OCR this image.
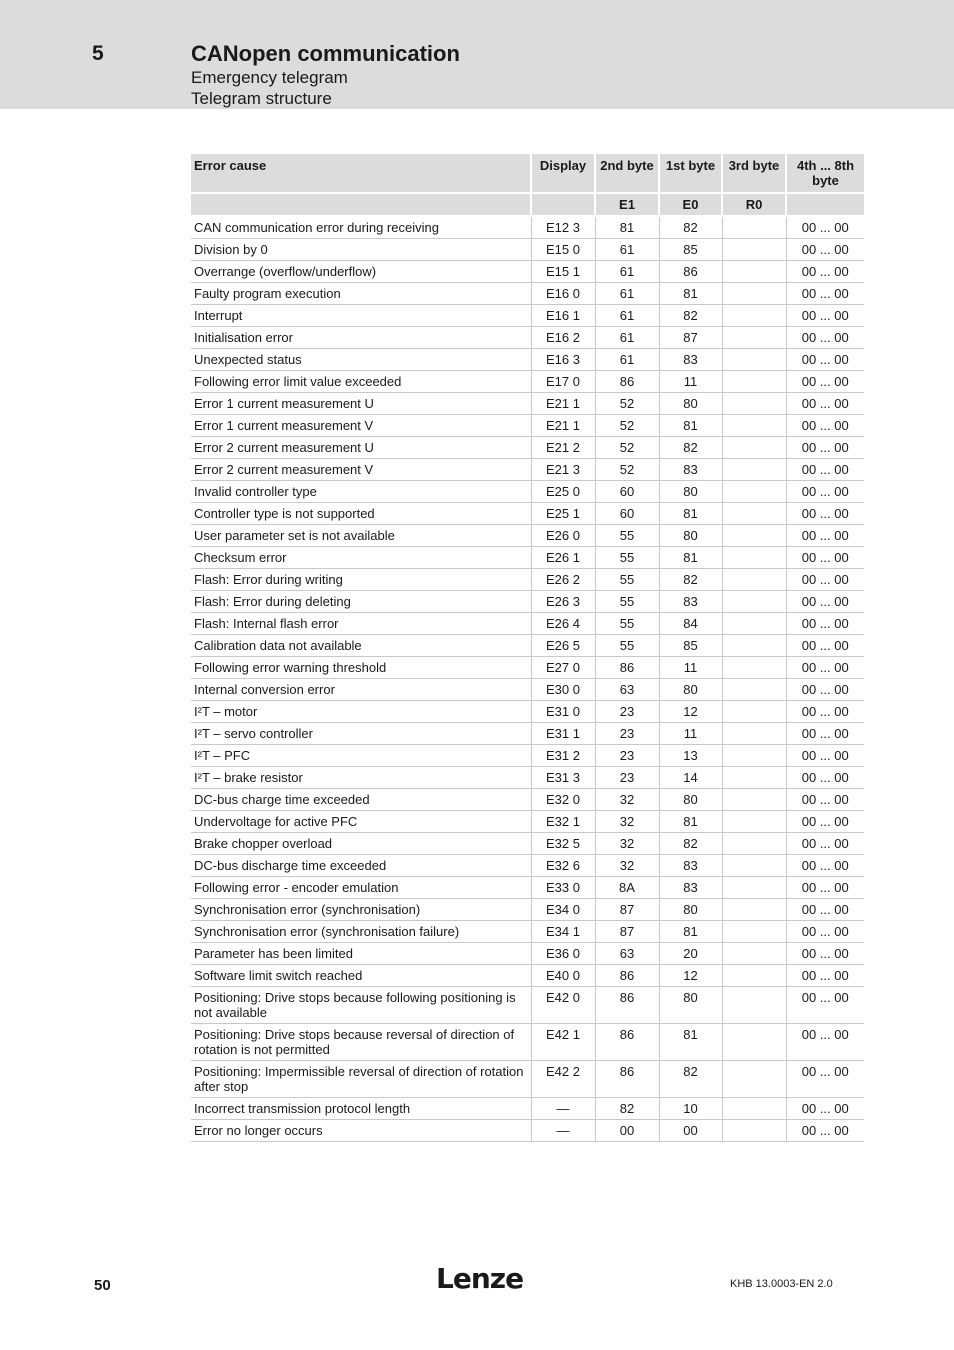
5	CANopen communication
Emergency telegram
Telegram structure
Error cause	Display	2nd byte	1st byte	3rd byte	4th ... 8th byte
		E1	E0	R0	
CAN communication error during receiving	E12 3	81	82		00 ... 00
Division by 0	E15 0	61	85		00 ... 00
Overrange (overflow/underflow)	E15 1	61	86		00 ... 00
Faulty program execution	E16 0	61	81		00 ... 00
Interrupt	E16 1	61	82		00 ... 00
Initialisation error	E16 2	61	87		00 ... 00
Unexpected status	E16 3	61	83		00 ... 00
Following error limit value exceeded	E17 0	86	11		00 ... 00
Error 1 current measurement U	E21 1	52	80		00 ... 00
Error 1 current measurement V	E21 1	52	81		00 ... 00
Error 2 current measurement U	E21 2	52	82		00 ... 00
Error 2 current measurement V	E21 3	52	83		00 ... 00
Invalid controller type	E25 0	60	80		00 ... 00
Controller type is not supported	E25 1	60	81		00 ... 00
User parameter set is not available	E26 0	55	80		00 ... 00
Checksum error	E26 1	55	81		00 ... 00
Flash: Error during writing	E26 2	55	82		00 ... 00
Flash: Error during deleting	E26 3	55	83		00 ... 00
Flash: Internal flash error	E26 4	55	84		00 ... 00
Calibration data not available	E26 5	55	85		00 ... 00
Following error warning threshold	E27 0	86	11		00 ... 00
Internal conversion error	E30 0	63	80		00 ... 00
I²T – motor	E31 0	23	12		00 ... 00
I²T – servo controller	E31 1	23	11		00 ... 00
I²T – PFC	E31 2	23	13		00 ... 00
I²T – brake resistor	E31 3	23	14		00 ... 00
DC-bus charge time exceeded	E32 0	32	80		00 ... 00
Undervoltage for active PFC	E32 1	32	81		00 ... 00
Brake chopper overload	E32 5	32	82		00 ... 00
DC-bus discharge time exceeded	E32 6	32	83		00 ... 00
Following error - encoder emulation	E33 0	8A	83		00 ... 00
Synchronisation error (synchronisation)	E34 0	87	80		00 ... 00
Synchronisation error (synchronisation failure)	E34 1	87	81		00 ... 00
Parameter has been limited	E36 0	63	20		00 ... 00
Software limit switch reached	E40 0	86	12		00 ... 00
Positioning: Drive stops because following positioning is not available	E42 0	86	80		00 ... 00
Positioning: Drive stops because reversal of direction of rotation is not permitted	E42 1	86	81		00 ... 00
Positioning: Impermissible reversal of direction of rotation after stop	E42 2	86	82		00 ... 00
Incorrect transmission protocol length	—	82	10		00 ... 00
Error no longer occurs	—	00	00		00 ... 00
50	Lenze	KHB 13.0003-EN 2.0
